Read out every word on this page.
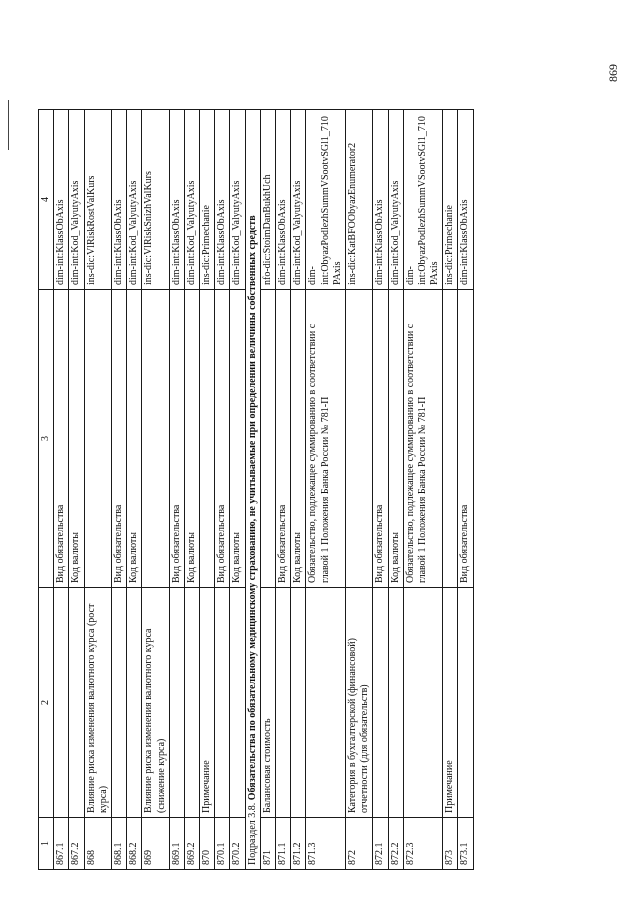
1	2	3	4
867.1		Вид обязательства	dim-int:KlassObAxis
867.2		Код валюты	dim-int:Kod_ValyutyAxis
868	Влияние риска изменения валютного курса (рост курса)		ins-dic:VlRiskRostValKurs
868.1		Вид обязательства	dim-int:KlassObAxis
868.2		Код валюты	dim-int:Kod_ValyutyAxis
869	Влияние риска изменения валютного курса (снижение курса)		ins-dic:VlRiskSnizhValKurs
869.1		Вид обязательства	dim-int:KlassObAxis
869.2		Код валюты	dim-int:Kod_ValyutyAxis
870	Примечание		ins-dic:Primechanie
870.1		Вид обязательства	dim-int:KlassObAxis
870.2		Код валюты	dim-int:Kod_ValyutyAxis
Подраздел 3.8. Обязательства по обязательному медицинскому страхованию, не учитываемые при определении величины собственных средств			
871	Балансовая стоимость		nfo-dic:StoimDanBukhUch
871.1		Вид обязательства	dim-int:KlassObAxis
871.2		Код валюты	dim-int:Kod_ValyutyAxis
871.3		Обязательство, подлежащее суммированию в соответствии с главой 1 Положения Банка России № 781-П	dim-int:ObyazPodlezhSummVSootvSGl1_710PAxis
872	Категория в бухгалтерской (финансовой) отчетности (для обязательств)		ins-dic:KatBFOObyazEnumerator2
872.1		Вид обязательства	dim-int:KlassObAxis
872.2		Код валюты	dim-int:Kod_ValyutyAxis
872.3		Обязательство, подлежащее суммированию в соответствии с главой 1 Положения Банка России № 781-П	dim-int:ObyazPodlezhSummVSootvSGl1_710PAxis
873	Примечание		ins-dic:Primechanie
873.1		Вид обязательства	dim-int:KlassObAxis
869
